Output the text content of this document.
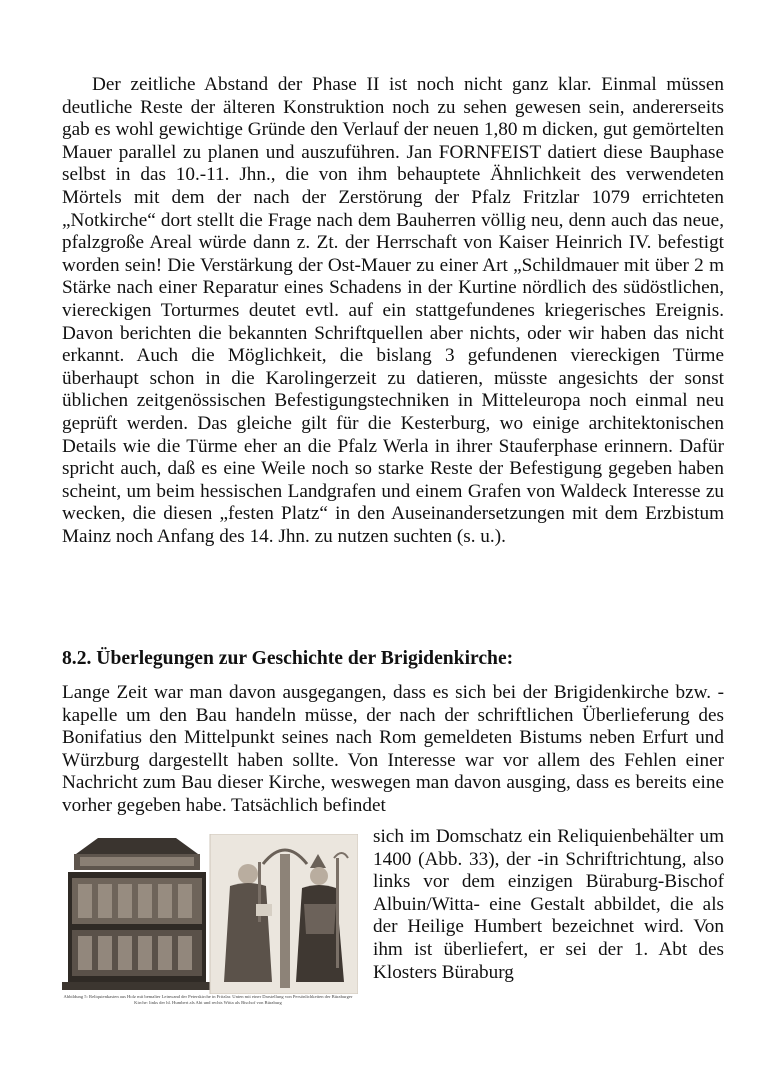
Der zeitliche Abstand der Phase II ist noch nicht ganz klar. Einmal müssen deutliche Reste der älteren Konstruktion noch zu sehen gewesen sein, andererseits gab es wohl gewichtige Gründe den Verlauf der neuen 1,80 m dicken, gut gemörtelten Mauer parallel zu planen und auszuführen. Jan FORNFEIST datiert diese Bauphase selbst in das 10.-11. Jhn., die von ihm behauptete Ähnlichkeit des verwendeten Mörtels mit dem der nach der Zerstörung der Pfalz Fritzlar 1079 errichteten „Notkirche“ dort stellt die Frage nach dem Bauherren völlig neu, denn auch das neue, pfalzgroße Areal würde dann z. Zt. der Herrschaft von Kaiser Heinrich IV. befestigt worden sein! Die Verstärkung der Ost-Mauer zu einer Art „Schildmauer mit über 2 m Stärke nach einer Reparatur eines Schadens in der Kurtine nördlich des südöstlichen, viereckigen Torturmes deutet evtl. auf ein stattgefundenes kriegerisches Ereignis. Davon berichten die bekannten Schriftquellen aber nichts, oder wir haben das nicht erkannt. Auch die Möglichkeit, die bislang 3 gefundenen viereckigen Türme überhaupt schon in die Karolingerzeit zu datieren, müsste angesichts der sonst üblichen zeitgenössischen Befestigungstechniken in Mitteleuropa noch einmal neu geprüft werden. Das gleiche gilt für die Kesterburg, wo einige architektonischen Details wie die Türme eher an die Pfalz Werla in ihrer Stauferphase erinnern. Dafür spricht auch, daß es eine Weile noch so starke Reste der Befestigung gegeben haben scheint, um beim hessischen Landgrafen und einem Grafen von Waldeck Interesse zu wecken, die diesen „festen Platz“ in den Auseinandersetzungen mit dem Erzbistum Mainz noch Anfang des 14. Jhn. zu nutzen suchten (s. u.).

8.2. Überlegungen zur Geschichte der Brigidenkirche:

Lange Zeit war man davon ausgegangen, dass es sich bei der Brigidenkirche bzw. -kapelle um den Bau handeln müsse, der nach der schriftlichen Überlieferung des Bonifatius den Mittelpunkt seines nach Rom gemeldeten Bistums neben Erfurt und Würzburg dargestellt haben sollte. Von Interesse war vor allem des Fehlen einer Nachricht zum Bau dieser Kirche, weswegen man davon ausging, dass es bereits eine vorher gegeben habe. Tatsächlich befindet

Abbildung 5: Reliquienkasten aus Holz mit bemalter Leinwand der Peterskirche in Fritzlar. Unten mit einer Darstellung von Persönlichkeiten der Büraburger Kirche: links der hl. Humbert als Abt und rechts Witta als Bischof von Büraburg

sich im Domschatz ein Reliquienbehälter um 1400 (Abb. 33), der -in Schriftrichtung, also links vor dem einzigen Büraburg-Bischof Albuin/Witta- eine Gestalt abbildet, die als der Heilige Humbert bezeichnet wird. Von ihm ist überliefert, er sei der 1. Abt des Klosters Büraburg
